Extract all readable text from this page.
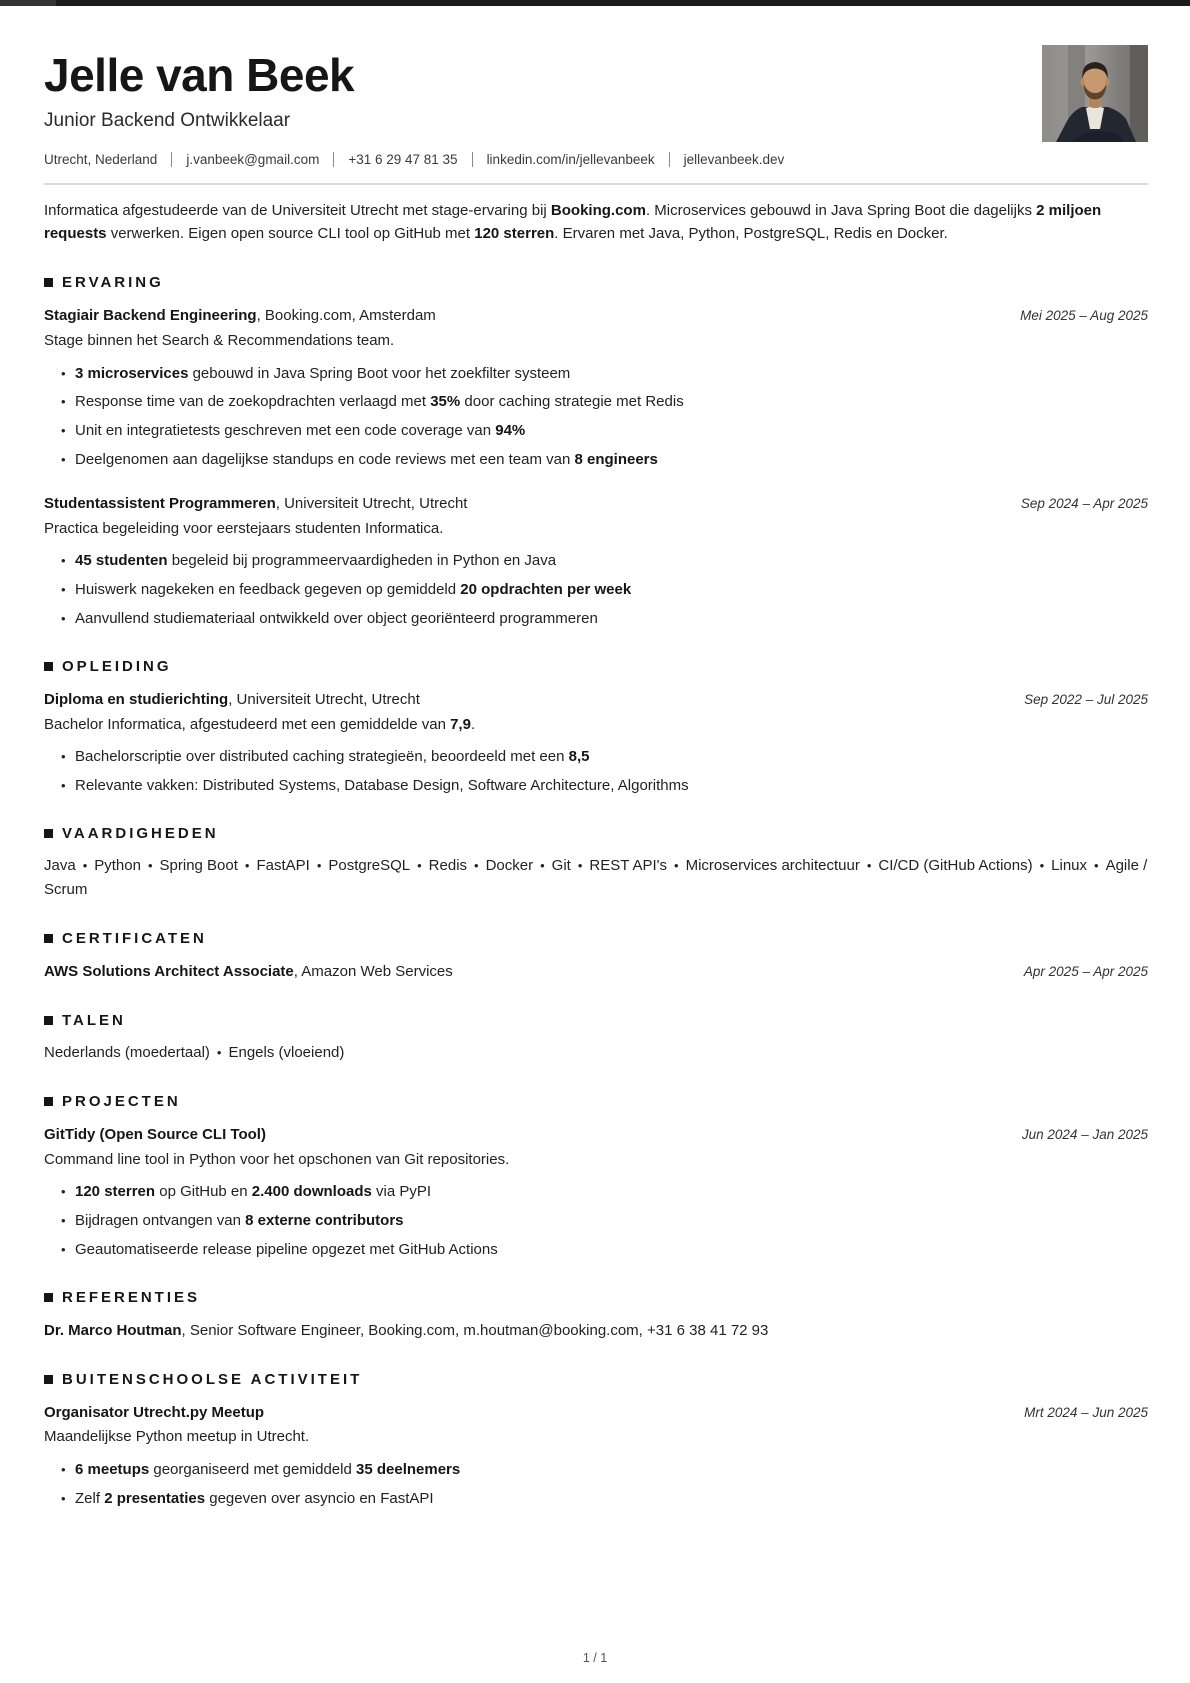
Jelle van Beek
Junior Backend Ontwikkelaar
Utrecht, Nederland j.vanbeek@gmail.com +31 6 29 47 81 35 linkedin.com/in/jellevanbeek jellevanbeek.dev

Informatica afgestudeerde van de Universiteit Utrecht met stage-ervaring bij Booking.com. Microservices gebouwd in Java Spring Boot die dagelijks 2 miljoen requests verwerken. Eigen open source CLI tool op GitHub met 120 sterren. Ervaren met Java, Python, PostgreSQL, Redis en Docker.

ERVARING
Stagiair Backend Engineering, Booking.com, Amsterdam	Mei 2025 – Aug 2025
Stage binnen het Search & Recommendations team.
• 3 microservices gebouwd in Java Spring Boot voor het zoekfilter systeem
• Response time van de zoekopdrachten verlaagd met 35% door caching strategie met Redis
• Unit en integratietests geschreven met een code coverage van 94%
• Deelgenomen aan dagelijkse standups en code reviews met een team van 8 engineers
Studentassistent Programmeren, Universiteit Utrecht, Utrecht	Sep 2024 – Apr 2025
Practica begeleiding voor eerstejaars studenten Informatica.
• 45 studenten begeleid bij programmeervaardigheden in Python en Java
• Huiswerk nagekeken en feedback gegeven op gemiddeld 20 opdrachten per week
• Aanvullend studiemateriaal ontwikkeld over object georiënteerd programmeren
OPLEIDING
Diploma en studierichting, Universiteit Utrecht, Utrecht	Sep 2022 – Jul 2025
Bachelor Informatica, afgestudeerd met een gemiddelde van 7,9.
• Bachelorscriptie over distributed caching strategieën, beoordeeld met een 8,5
• Relevante vakken: Distributed Systems, Database Design, Software Architecture, Algorithms
VAARDIGHEDEN
Java • Python • Spring Boot • FastAPI • PostgreSQL • Redis • Docker • Git • REST API's • Microservices architectuur • CI/CD (GitHub Actions) • Linux • Agile / Scrum
CERTIFICATEN
AWS Solutions Architect Associate, Amazon Web Services	Apr 2025 – Apr 2025
TALEN
Nederlands (moedertaal) • Engels (vloeiend)
PROJECTEN
GitTidy (Open Source CLI Tool)	Jun 2024 – Jan 2025
Command line tool in Python voor het opschonen van Git repositories.
• 120 sterren op GitHub en 2.400 downloads via PyPI
• Bijdragen ontvangen van 8 externe contributors
• Geautomatiseerde release pipeline opgezet met GitHub Actions
REFERENTIES
Dr. Marco Houtman, Senior Software Engineer, Booking.com, m.houtman@booking.com, +31 6 38 41 72 93
BUITENSCHOOLSE ACTIVITEIT
Organisator Utrecht.py Meetup	Mrt 2024 – Jun 2025
Maandelijkse Python meetup in Utrecht.
• 6 meetups georganiseerd met gemiddeld 35 deelnemers
• Zelf 2 presentaties gegeven over asyncio en FastAPI
1 / 1
